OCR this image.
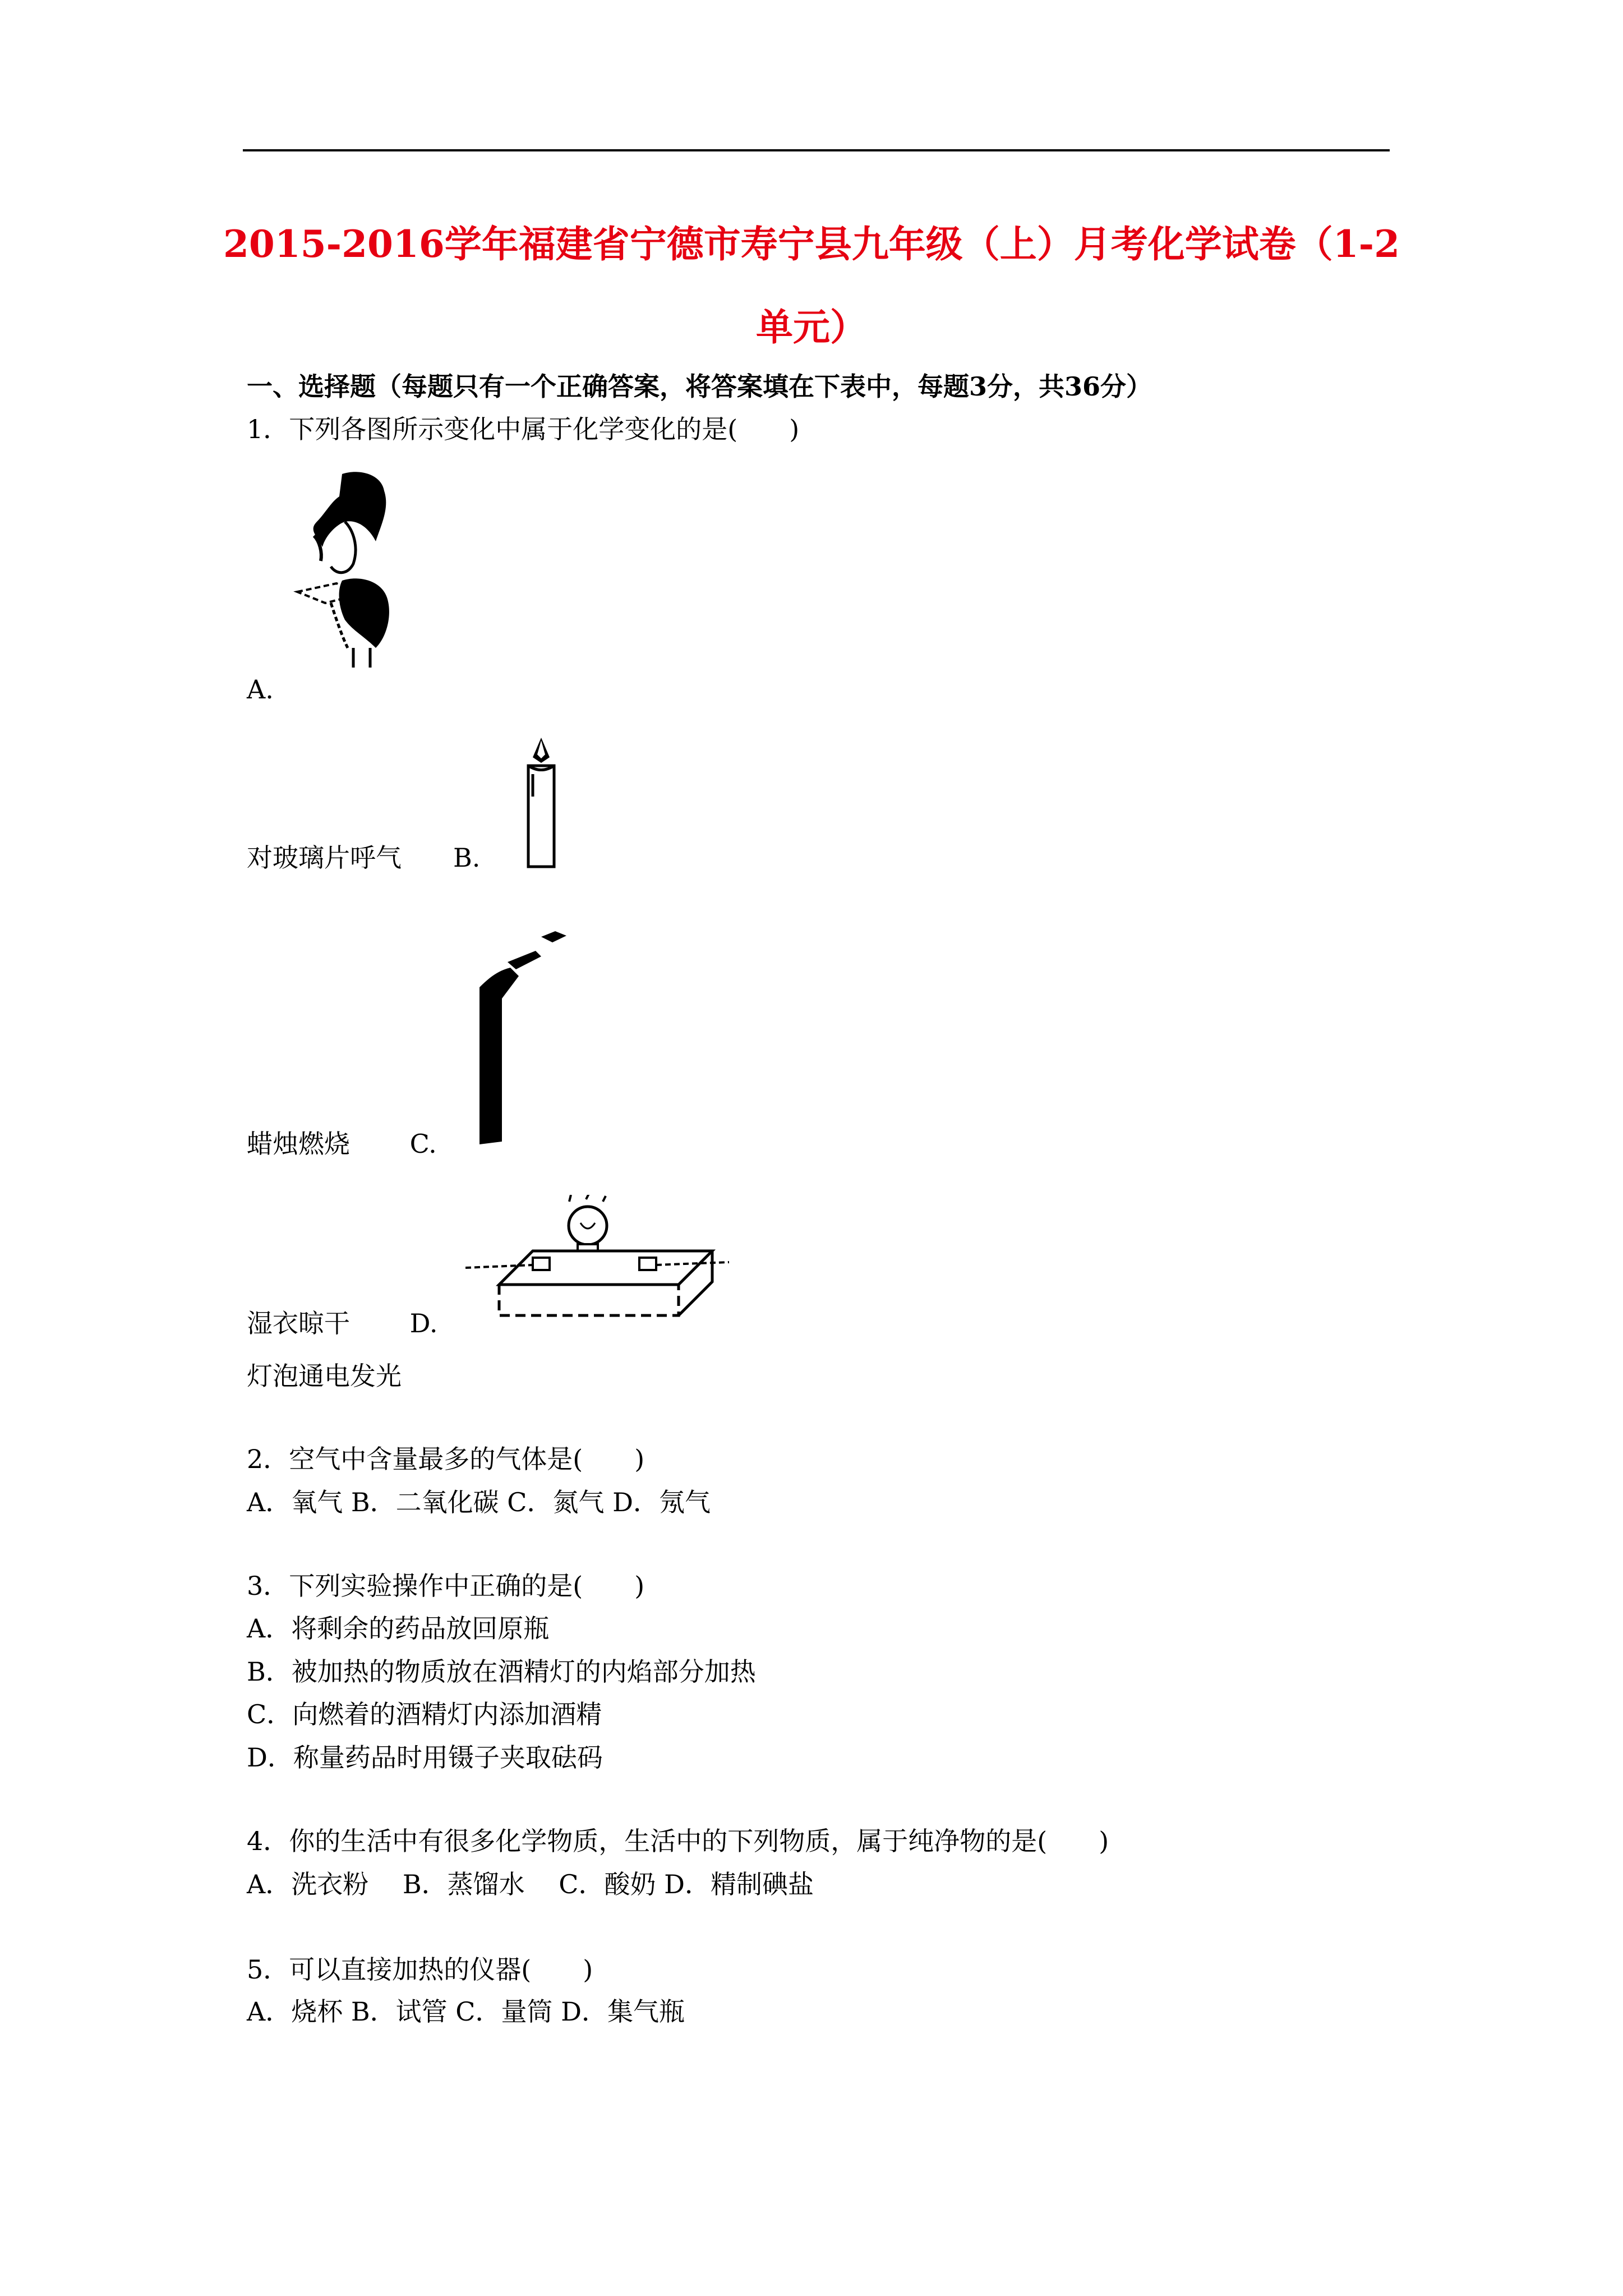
2015-2016学年福建省宁德市寿宁县九年级（上）月考化学试卷（1-2
单元）
一、选择题（每题只有一个正确答案，将答案填在下表中，每题3分，共36分）
1．下列各图所示变化中属于化学变化的是(　　)
A.
对玻璃片呼气　　B.
蜡烛燃烧　　 C.
湿衣晾干　　 D.
灯泡通电发光
2．空气中含量最多的气体是(　　)
A．氧气 B．二氧化碳 C．氮气 D．氖气
3．下列实验操作中正确的是(　　)
A．将剩余的药品放回原瓶
B．被加热的物质放在酒精灯的内焰部分加热
C．向燃着的酒精灯内添加酒精
D．称量药品时用镊子夹取砝码
4．你的生活中有很多化学物质，生活中的下列物质，属于纯净物的是(　　)
A．洗衣粉　 B．蒸馏水　 C．酸奶 D．精制碘盐
5．可以直接加热的仪器(　　)
A．烧杯 B．试管 C．量筒 D．集气瓶
